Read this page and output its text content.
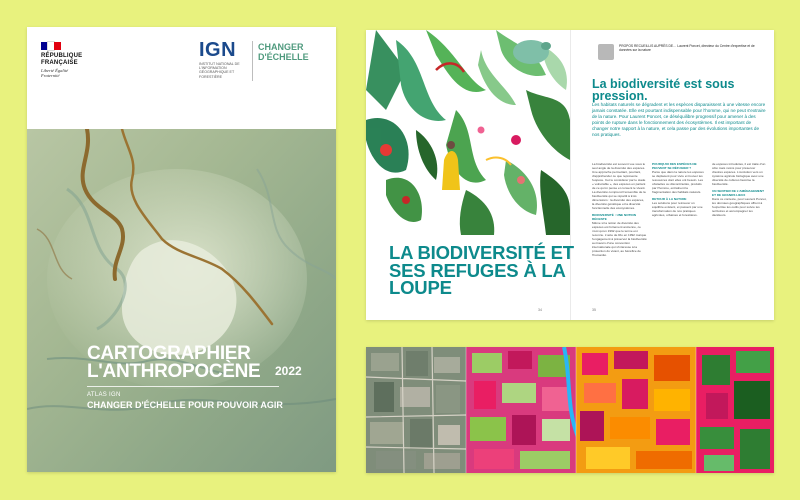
RÉPUBLIQUE FRANÇAISE
Liberté Égalité Fraternité
IGN
INSTITUT NATIONAL DE L'INFORMATION GÉOGRAPHIQUE ET FORESTIÈRE
CHANGER D'ÉCHELLE
CARTOGRAPHIER L'ANTHROPOCÈNE	2022
ATLAS IGN
CHANGER D'ÉCHELLE POUR POUVOIR AGIR
LA BIODIVERSITÉ ET SES REFUGES À LA LOUPE
34	35
PROPOS RECUEILLIS AUPRÈS DE… Laurent Poncet, directeur du Centre d'expertise et de données sur la nature
La biodiversité est sous pression.
Les habitats naturels se dégradent et les espèces disparaissent à une vitesse encore jamais constatée. Elle est pourtant indispensable pour l'homme, qui ne peut s'extraire de la nature. Pour Laurent Poncet, ce déséquilibre progressif pour amener à des points de rupture dans le fonctionnement des écosystèmes. Il est important de changer notre rapport à la nature, et cela passe par des évolutions importantes de nos pratiques.
La biodiversité est souvent vue sous le seul angle de la diversité des espèces. Une approche permettant, pourtant, d'appréhender ce que représente l'espèce. Cet le considérer par le stade « vulnérable », des espèces en partant de ce qu'on pense et consent le vivant. La diversité comprend l'ensemble de la biodiversité qui se répartit à trois dimensions : la diversité des espèces, la diversité génétique et la diversité fonctionnelle des écosystèmes.
BIODIVERSITÉ : UNE NOTION RÉCENTE
Même si la notion de diversité des espèces est fortement ancienne, ce n'est qu'en 1992 que le terme est reconnu. L'acte de Rio en 1992 marque l'engagement à préserver la biodiversité au travers d'une convention internationale qui s'intéresse à la protection du vivant, au bénéfice de l'humanité.
POURQUOI DES ESPÈCES NE PEUVENT SE RÉFUGIER ?
Parce que dans la nature les espèces se déplacent pour vivre et trouver les ressources dont elles ont besoin. Les obstacles ou discontinuités, produits par l'homme, entraînent la fragmentation des habitats naturels.
RETOUR À LA NATURE
Les solutions pour retrouver un équilibre existent, et passent par une transformation de nos pratiques agricoles, urbaines et forestières.
de espèces introduites, il est traité d'un côté mais moins pour préserver d'autres espèces. L'évolution vers un système agricole biologique avec une diversité de cultures favorise la biodiversité.
UN SENTIER DE L'AMÉNAGEMENT ET DE GRANDS LIEUX
Dans ce contexte, pour Laurent Poncet, les données géographiques offrent à l'expertise les outils pour suivre les territoires et accompagner les décideurs.
